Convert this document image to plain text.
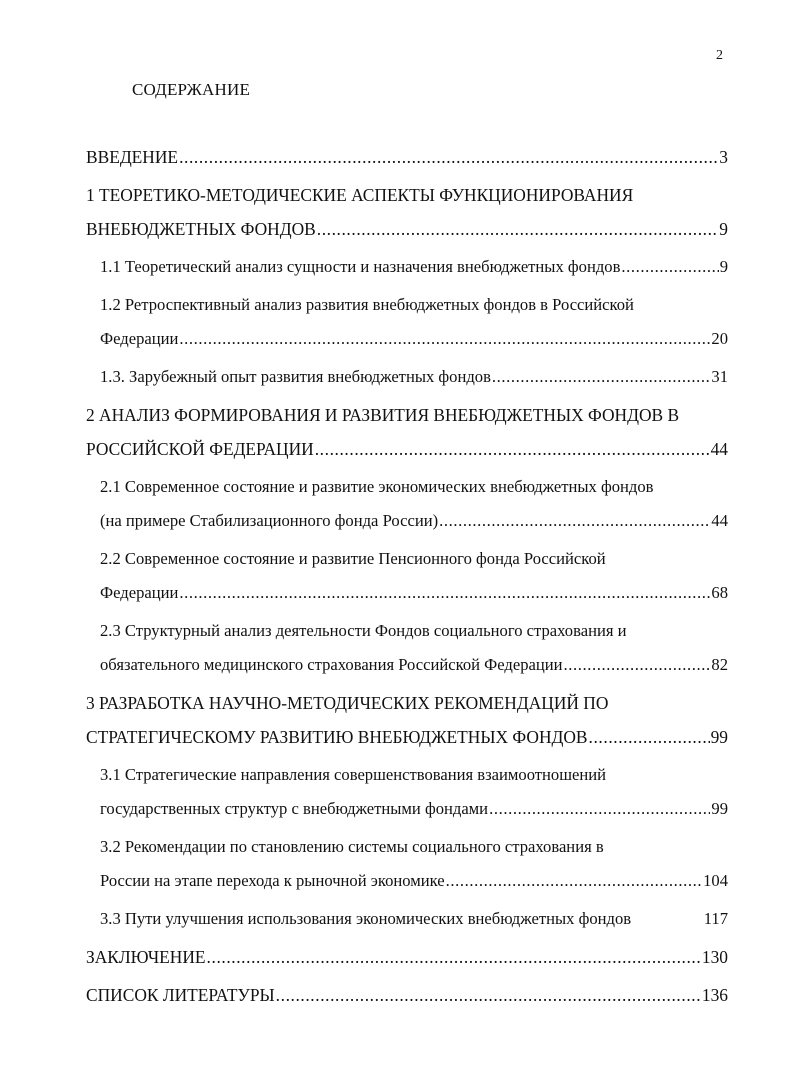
2
СОДЕРЖАНИЕ
ВВЕДЕНИЕ .....	3
1 ТЕОРЕТИКО-МЕТОДИЧЕСКИЕ АСПЕКТЫ ФУНКЦИОНИРОВАНИЯ
ВНЕБЮДЖЕТНЫХ ФОНДОВ .....	9
1.1 Теоретический анализ сущности и назначения внебюджетных фондов .....	9
1.2 Ретроспективный анализ развития внебюджетных фондов в Российской
Федерации .....	20
1.3. Зарубежный опыт развития внебюджетных фондов .....	31
2 АНАЛИЗ ФОРМИРОВАНИЯ И РАЗВИТИЯ ВНЕБЮДЖЕТНЫХ ФОНДОВ В
РОССИЙСКОЙ ФЕДЕРАЦИИ .....	44
2.1 Современное состояние и развитие экономических внебюджетных фондов
(на примере Стабилизационного фонда России) .....	44
2.2 Современное состояние и развитие Пенсионного фонда Российской
Федерации .....	68
2.3 Структурный анализ деятельности Фондов социального страхования и
обязательного медицинского страхования Российской Федерации .....	82
3 РАЗРАБОТКА НАУЧНО-МЕТОДИЧЕСКИХ РЕКОМЕНДАЦИЙ ПО
СТРАТЕГИЧЕСКОМУ РАЗВИТИЮ ВНЕБЮДЖЕТНЫХ ФОНДОВ .....	99
3.1 Стратегические направления совершенствования взаимоотношений
государственных структур с внебюджетными фондами .....	99
3.2 Рекомендации по становлению системы социального страхования в
России на этапе перехода к рыночной экономике .....	104
3.3 Пути улучшения использования экономических внебюджетных фондов	117
ЗАКЛЮЧЕНИЕ .....	130
СПИСОК ЛИТЕРАТУРЫ .....	136
